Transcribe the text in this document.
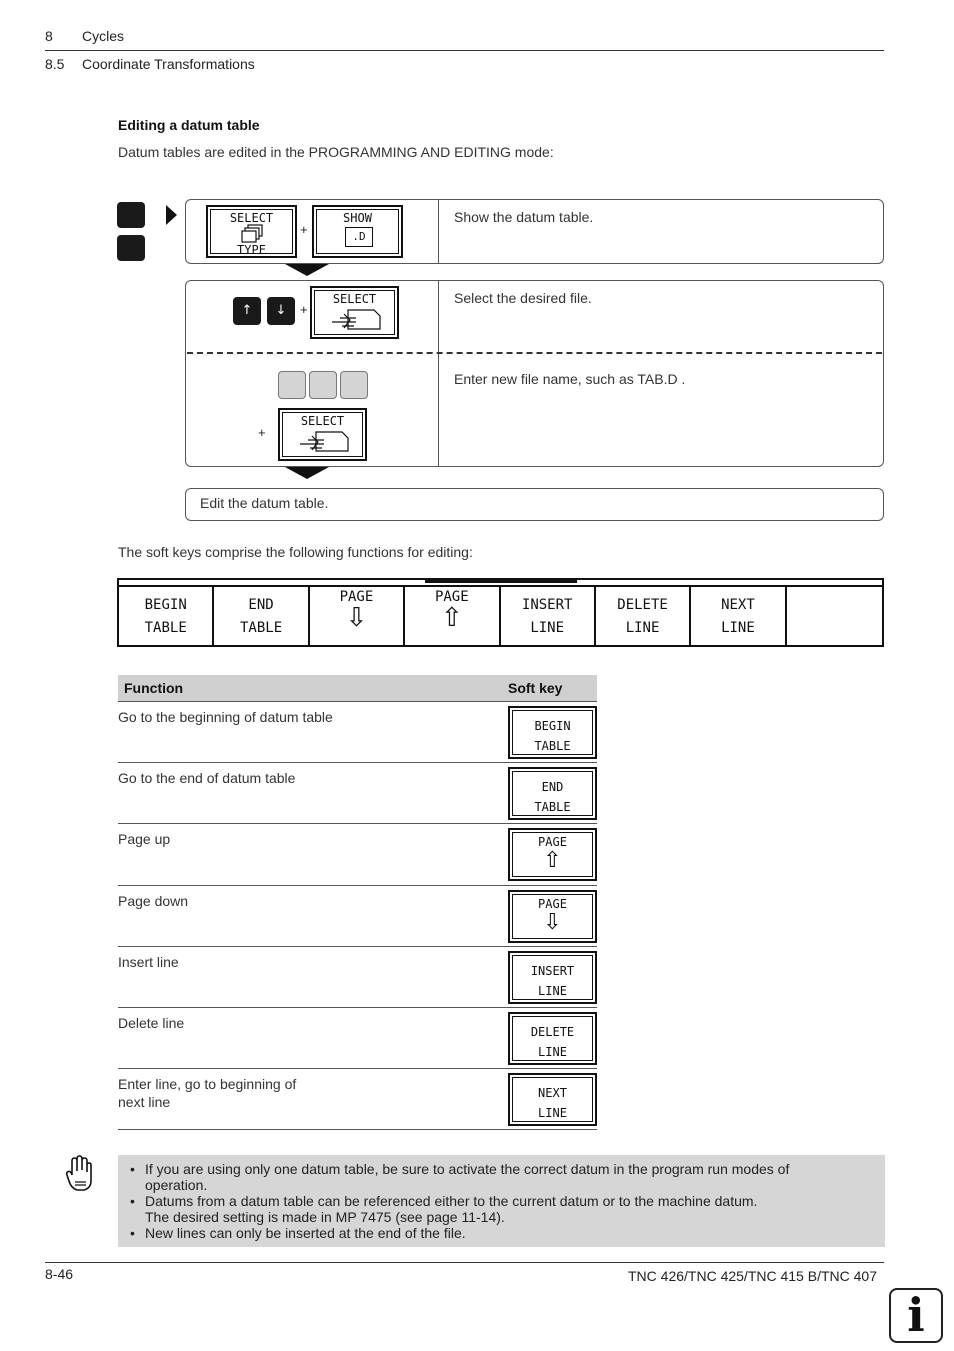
8 Cycles
8.5 Coordinate Transformations
Editing a datum table
Datum tables are edited in the PROGRAMMING AND EDITING mode:
SELECT
TYPE
+
SHOW
.D
Show the datum table.
↑	↓	+
SELECT	Select the desired file.
+
SELECT
Enter new file name, such as TAB.D .
Edit the datum table.
The soft keys comprise the following functions for editing:
BEGIN
TABLE
END
TABLE
PAGE
⇩
PAGE
⇧	INSERT
LINE
DELETE
LINE
NEXT
LINE
Function	Soft key
Go to the beginning of datum table
BEGIN
TABLE
Go to the end of datum table
END
TABLE
Page up	PAGE
⇧
Page down	PAGE
⇩
Insert line
INSERT
LINE
Delete line
DELETE
LINE
Enter line, go to beginning of
next line
NEXT
LINE
• If you are using only one datum table, be sure to activate the correct datum in the program run modes of
operation.
• Datums from a datum table can be referenced either to the current datum or to the machine datum.
The desired setting is made in MP 7475 (see page 11-14).
• New lines can only be inserted at the end of the file.
8-46	TNC 426/TNC 425/TNC 415 B/TNC 407
i
